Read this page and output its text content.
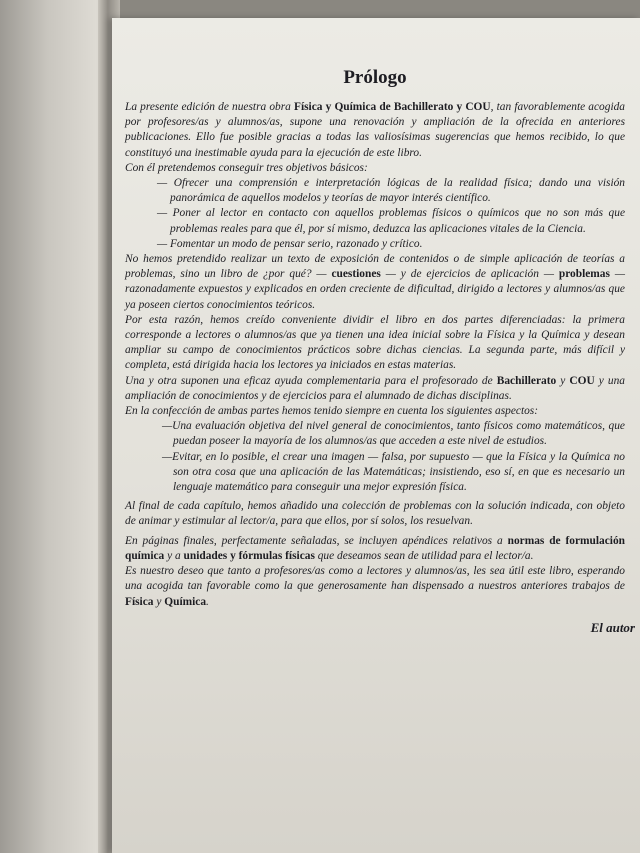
Prólogo

La presente edición de nuestra obra Física y Química de Bachillerato y COU, tan favorablemente acogida por profesores/as y alumnos/as, supone una renovación y ampliación de la ofrecida en anteriores publicaciones. Ello fue posible gracias a todas las valiosísimas sugerencias que hemos recibido, lo que constituyó una inestimable ayuda para la ejecución de este libro.

Con él pretendemos conseguir tres objetivos básicos:

— Ofrecer una comprensión e interpretación lógicas de la realidad física; dando una visión panorámica de aquellos modelos y teorías de mayor interés científico.

— Poner al lector en contacto con aquellos problemas físicos o químicos que no son más que problemas reales para que él, por sí mismo, deduzca las aplicaciones vitales de la Ciencia.

— Fomentar un modo de pensar serio, razonado y crítico.

No hemos pretendido realizar un texto de exposición de contenidos o de simple aplicación de teorías a problemas, sino un libro de ¿por qué? — cuestiones — y de ejercicios de aplicación — problemas — razonadamente expuestos y explicados en orden creciente de dificultad, dirigido a lectores y alumnos/as que ya poseen ciertos conocimientos teóricos.

Por esta razón, hemos creído conveniente dividir el libro en dos partes diferenciadas: la primera corresponde a lectores o alumnos/as que ya tienen una idea inicial sobre la Física y la Química y desean ampliar su campo de conocimientos prácticos sobre dichas ciencias. La segunda parte, más difícil y completa, está dirigida hacia los lectores ya iniciados en estas materias.

Una y otra suponen una eficaz ayuda complementaria para el profesorado de Bachillerato y COU y una ampliación de conocimientos y de ejercicios para el alumnado de dichas disciplinas.

En la confección de ambas partes hemos tenido siempre en cuenta los siguientes aspectos:

—Una evaluación objetiva del nivel general de conocimientos, tanto físicos como matemáticos, que puedan poseer la mayoría de los alumnos/as que acceden a este nivel de estudios.

—Evitar, en lo posible, el crear una imagen — falsa, por supuesto — que la Física y la Química no son otra cosa que una aplicación de las Matemáticas; insistiendo, eso sí, en que es necesario un lenguaje matemático para conseguir una mejor expresión física.

Al final de cada capítulo, hemos añadido una colección de problemas con la solución indicada, con objeto de animar y estimular al lector/a, para que ellos, por sí solos, los resuelvan.

En páginas finales, perfectamente señaladas, se incluyen apéndices relativos a normas de formulación química y a unidades y fórmulas físicas que deseamos sean de utilidad para el lector/a.

Es nuestro deseo que tanto a profesores/as como a lectores y alumnos/as, les sea útil este libro, esperando una acogida tan favorable como la que generosamente han dispensado a nuestros anteriores trabajos de Física y Química.

El autor
